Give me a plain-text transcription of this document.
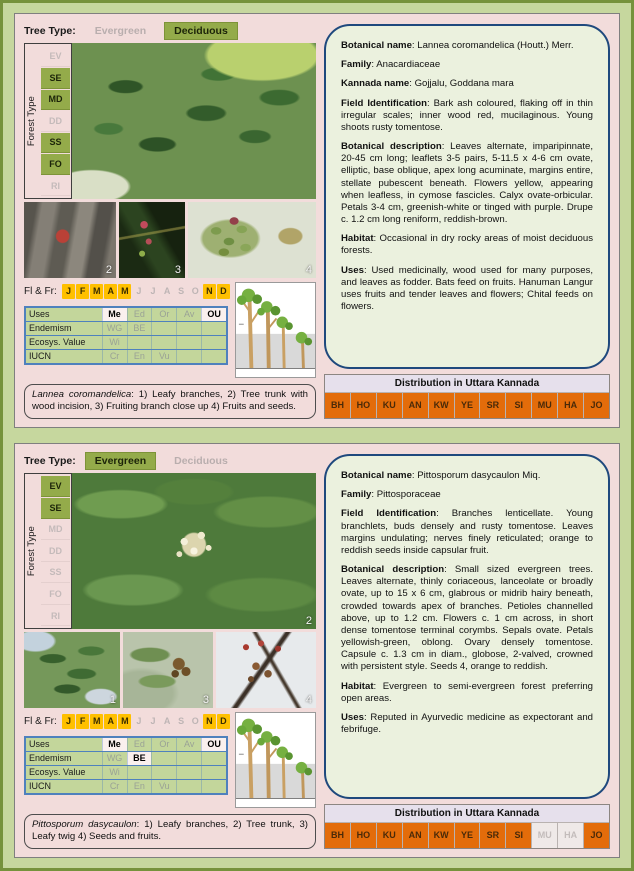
Tree Type:	Evergreen	Deciduous
Forest Type
EV
SE
MD
DD
SS
FO
RI
2	3	4
Fl & Fr:	J F M A M J	J A S O N D
Uses	Me	Ed	Or	Av	OU
Endemism	WG	BE
Ecosys. Value	Wi
IUCN	Cr	En	Vu
Lannea coromandelica: 1) Leafy branches, 2) Tree trunk with wood incision, 3) Fruiting branch close up 4) Fruits and seeds.

Botanical name: Lannea coromandelica (Houtt.) Merr.

Family: Anacardiaceae

Kannada name: Gojjalu, Goddana mara

Field Identification: Bark ash coloured, flaking off in thin irregular scales; inner wood red, mucilaginous. Young shoots rusty tomentose.

Botanical description: Leaves alternate, imparipinnate, 20-45 cm long; leaflets 3-5 pairs, 5-11.5 x 4-6 cm ovate, elliptic, base oblique, apex long acuminate, margins entire, stellate pubescent beneath. Flowers yellow, appearing when leafless, in cymose fascicles. Calyx ovate-orbicular. Petals 3-4 cm, greenish-white or tinged with purple. Drupe c. 1.2 cm long reniform, reddish-brown.

Habitat: Occasional in dry rocky areas of moist deciduous forests.

Uses: Used medicinally, wood used for many purposes, and leaves as fodder. Bats feed on fruits. Hanuman Langur uses fruits and tender leaves and flowers; Chital feeds on flowers.

Distribution in Uttara Kannada
BH	HO	KU	AN	KW	YE	SR	SI	MU	HA	JO
Tree Type:	Evergreen	Deciduous
Forest Type
EV
SE
MD
DD
SS
FO
RI	2
1	3	4
Fl & Fr:	J F M A M J	J A S O N D
Uses	Me	Ed	Or	Av	OU
Endemism	WG	BE
Ecosys. Value	Wi
IUCN	Cr	En	Vu
Pittosporum dasycaulon: 1) Leafy branches, 2) Tree trunk, 3) Leafy twig 4) Seeds and fruits.

Botanical name: Pittosporum dasycaulon Miq.

Family: Pittosporaceae

Field Identification: Branches lenticellate. Young branchlets, buds densely and rusty tomentose. Leaves margins undulating; nerves finely reticulated; orange to reddish seeds inside capsular fruit.

Botanical description: Small sized evergreen trees. Leaves alternate, thinly coriaceous, lanceolate or broadly ovate, up to 15 x 6 cm, glabrous or midrib hairy beneath, crowded towards apex of branches. Petioles channelled above, up to 1.2 cm. Flowers c. 1 cm across, in short dense tomentose terminal corymbs. Sepals ovate. Petals yellowish-green, oblong. Ovary densely tomentose. Capsule c. 1.3 cm in diam., globose, 2-valved, crowned with persistent style. Seeds 4, orange to reddish.

Habitat: Evergreen to semi-evergreen forest preferring open areas.

Uses: Reputed in Ayurvedic medicine as expectorant and febrifuge.

Distribution in Uttara Kannada
BH	HO	KU	AN	KW	YE	SR	SI	MU	HA	JO
